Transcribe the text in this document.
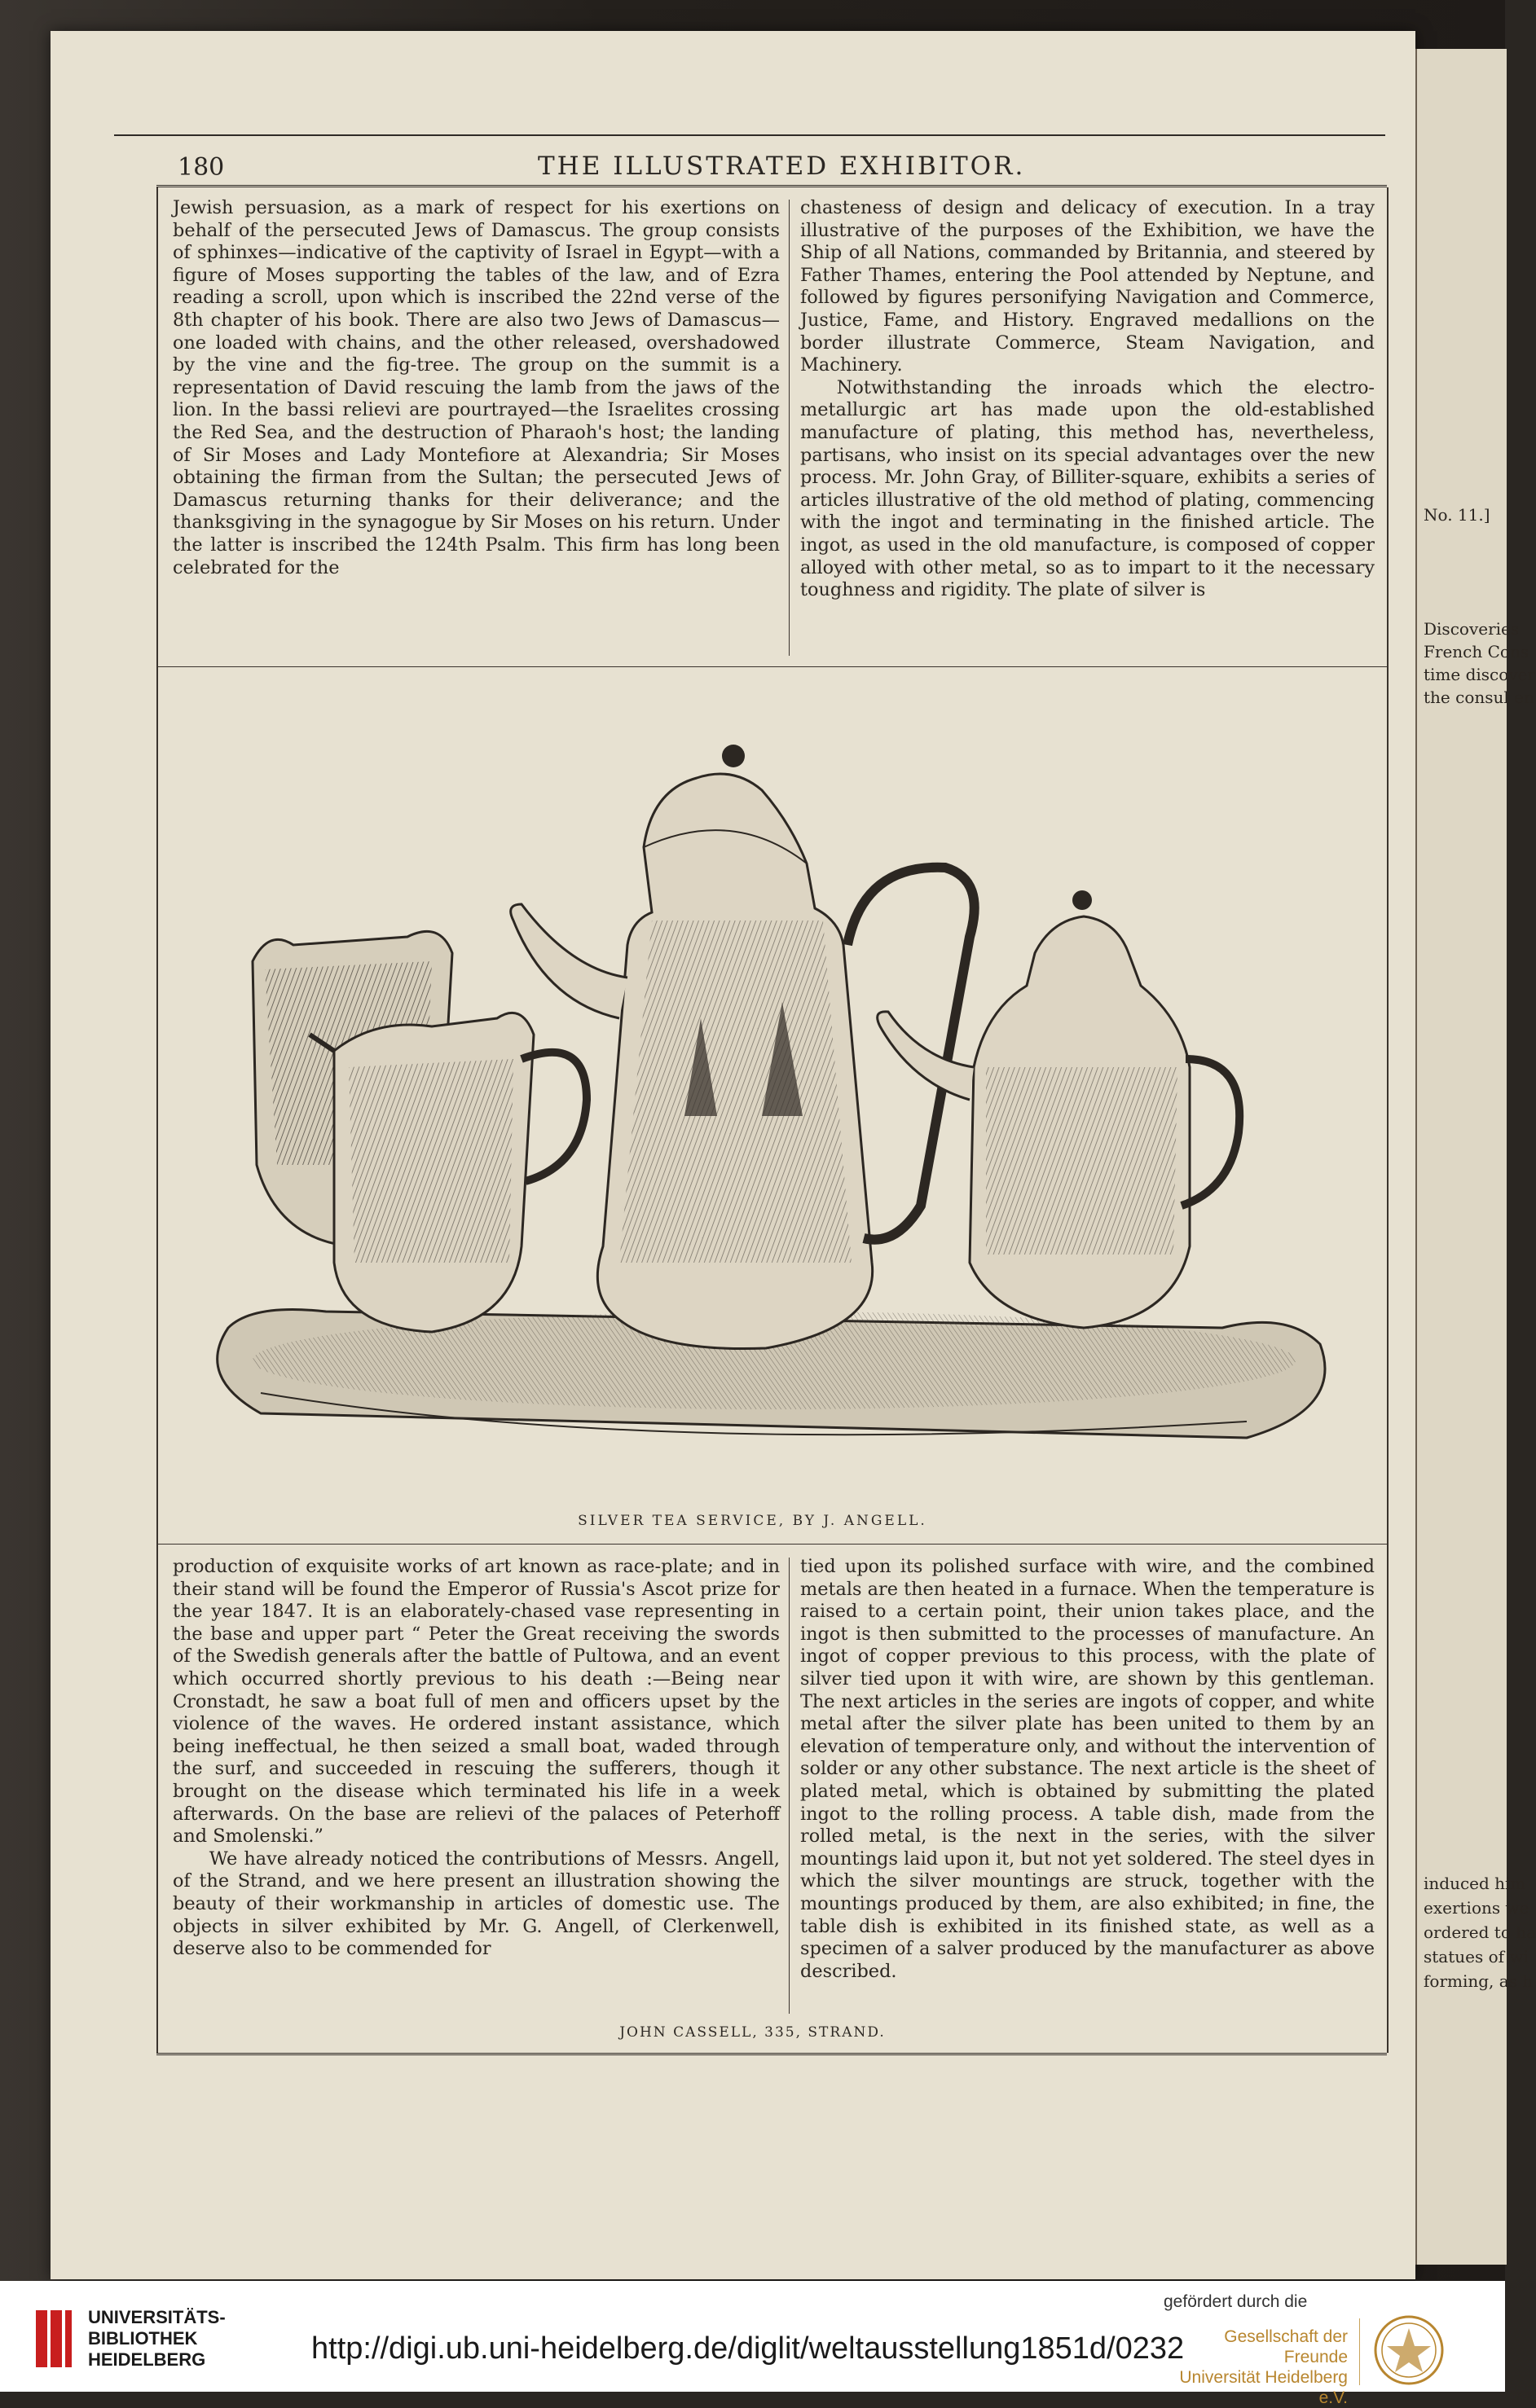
No. 11.]
Discoveries
French Cons
time discover
the consul en
induced him
exertions we
ordered to ha
statues of wi
forming, as h
180	THE ILLUSTRATED EXHIBITOR.

Jewish persuasion, as a mark of respect for his exertions on behalf of the persecuted Jews of Damascus. The group consists of sphinxes—indicative of the captivity of Israel in Egypt—with a figure of Moses supporting the tables of the law, and of Ezra reading a scroll, upon which is inscribed the 22nd verse of the 8th chapter of his book. There are also two Jews of Damascus—one loaded with chains, and the other released, overshadowed by the vine and the fig-tree. The group on the summit is a representation of David rescuing the lamb from the jaws of the lion. In the bassi relievi are pourtrayed—the Israelites crossing the Red Sea, and the destruction of Pharaoh's host; the landing of Sir Moses and Lady Montefiore at Alexandria; Sir Moses obtaining the firman from the Sultan; the persecuted Jews of Damascus returning thanks for their deliverance; and the thanksgiving in the synagogue by Sir Moses on his return. Under the latter is inscribed the 124th Psalm. This firm has long been celebrated for the

chasteness of design and delicacy of execution. In a tray illustrative of the purposes of the Exhibition, we have the Ship of all Nations, commanded by Britannia, and steered by Father Thames, entering the Pool attended by Neptune, and followed by figures personifying Navigation and Commerce, Justice, Fame, and History. Engraved medallions on the border illustrate Commerce, Steam Navigation, and Machinery.

Notwithstanding the inroads which the electro-metallurgic art has made upon the old-established manufacture of plating, this method has, nevertheless, partisans, who insist on its special advantages over the new process. Mr. John Gray, of Billiter-square, exhibits a series of articles illustrative of the old method of plating, commencing with the ingot and terminating in the finished article. The ingot, as used in the old manufacture, is composed of copper alloyed with other metal, so as to impart to it the necessary toughness and rigidity. The plate of silver is

SILVER TEA SERVICE, BY J. ANGELL.

production of exquisite works of art known as race-plate; and in their stand will be found the Emperor of Russia's Ascot prize for the year 1847. It is an elaborately-chased vase representing in the base and upper part “ Peter the Great receiving the swords of the Swedish generals after the battle of Pultowa, and an event which occurred shortly previous to his death :—Being near Cronstadt, he saw a boat full of men and officers upset by the violence of the waves. He ordered instant assistance, which being ineffectual, he then seized a small boat, waded through the surf, and succeeded in rescuing the sufferers, though it brought on the disease which terminated his life in a week afterwards. On the base are relievi of the palaces of Peterhoff and Smolenski.”

We have already noticed the contributions of Messrs. Angell, of the Strand, and we here present an illustration showing the beauty of their workmanship in articles of domestic use. The objects in silver exhibited by Mr. G. Angell, of Clerkenwell, deserve also to be commended for

tied upon its polished surface with wire, and the combined metals are then heated in a furnace. When the temperature is raised to a certain point, their union takes place, and the ingot is then submitted to the processes of manufacture. An ingot of copper previous to this process, with the plate of silver tied upon it with wire, are shown by this gentleman. The next articles in the series are ingots of copper, and white metal after the silver plate has been united to them by an elevation of temperature only, and without the intervention of solder or any other substance. The next article is the sheet of plated metal, which is obtained by submitting the plated ingot to the rolling process. A table dish, made from the rolled metal, is the next in the series, with the silver mountings laid upon it, but not yet soldered. The steel dyes in which the silver mountings are struck, together with the mountings produced by them, are also exhibited; in fine, the table dish is exhibited in its finished state, as well as a specimen of a salver produced by the manufacturer as above described.

JOHN CASSELL, 335, STRAND.
UNIVERSITÄTS-
BIBLIOTHEK
HEIDELBERG	http://digi.ub.uni-heidelberg.de/diglit/weltausstellung1851d/0232
gefördert durch die
Gesellschaft der Freunde
Universität Heidelberg e.V.
